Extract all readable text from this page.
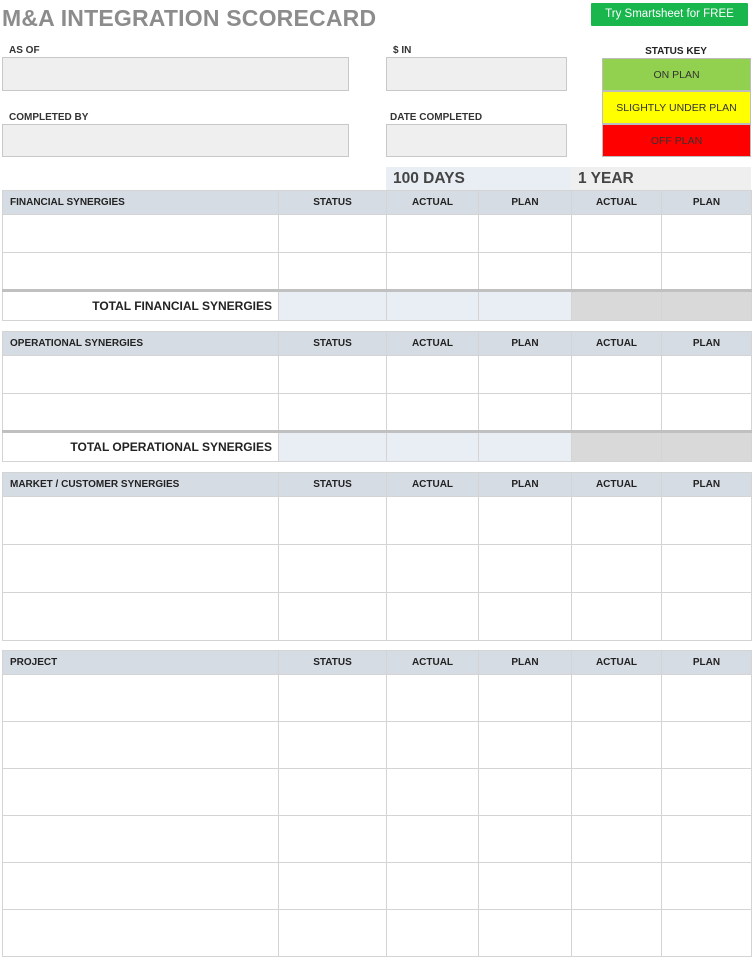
M&A INTEGRATION SCORECARD	Try Smartsheet for FREE
AS OF	$ IN
COMPLETED BY	DATE COMPLETED
STATUS KEY
ON PLAN
SLIGHTLY UNDER PLAN
OFF PLAN
100 DAYS	1 YEAR
FINANCIAL SYNERGIES	STATUS	ACTUAL	PLAN	ACTUAL	PLAN

TOTAL FINANCIAL SYNERGIES					
OPERATIONAL SYNERGIES	STATUS	ACTUAL	PLAN	ACTUAL	PLAN

TOTAL OPERATIONAL SYNERGIES					
MARKET / CUSTOMER SYNERGIES	STATUS	ACTUAL	PLAN	ACTUAL	PLAN

PROJECT	STATUS	ACTUAL	PLAN	ACTUAL	PLAN
